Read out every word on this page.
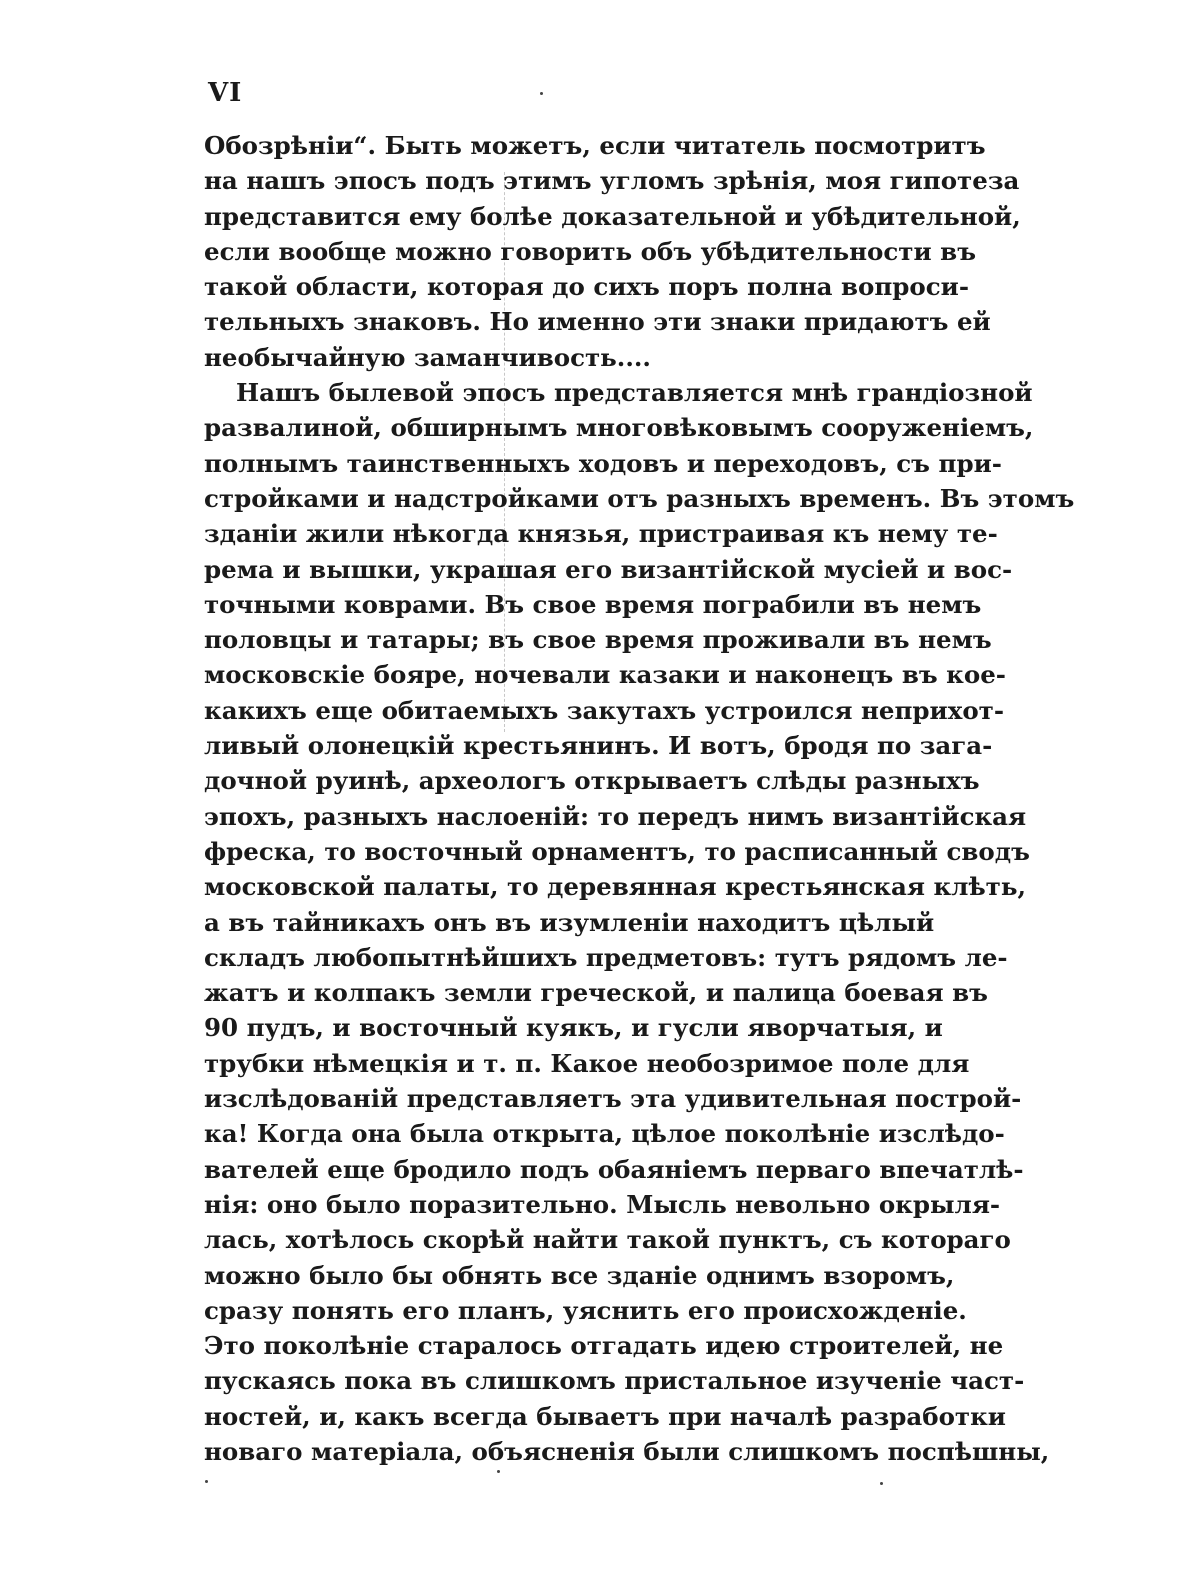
VI
Обозрѣніи“. Быть можетъ, если читатель посмотритъ
на нашъ эпосъ подъ этимъ угломъ зрѣнія, моя гипотеза
представится ему болѣе доказательной и убѣдительной,
если вообще можно говорить объ убѣдительности въ
такой области, которая до сихъ поръ полна вопроси-
тельныхъ знаковъ. Но именно эти знаки придаютъ ей
необычайную заманчивость....
Нашъ былевой эпосъ представляется мнѣ грандіозной
развалиной, обширнымъ многовѣковымъ сооруженіемъ,
полнымъ таинственныхъ ходовъ и переходовъ, съ при-
стройками и надстройками отъ разныхъ временъ. Въ этомъ
зданіи жили нѣкогда князья, пристраивая къ нему те-
рема и вышки, украшая его византійской мусіей и вос-
точными коврами. Въ свое время пограбили въ немъ
половцы и татары; въ свое время проживали въ немъ
московскіе бояре, ночевали казаки и наконецъ въ кое-
какихъ еще обитаемыхъ закутахъ устроился неприхот-
ливый олонецкій крестьянинъ. И вотъ, бродя по зага-
дочной руинѣ, археологъ открываетъ слѣды разныхъ
эпохъ, разныхъ наслоеній: то передъ нимъ византійская
фреска, то восточный орнаментъ, то расписанный сводъ
московской палаты, то деревянная крестьянская клѣть,
а въ тайникахъ онъ въ изумленіи находитъ цѣлый
складъ любопытнѣйшихъ предметовъ: тутъ рядомъ ле-
жатъ и колпакъ земли греческой, и палица боевая въ
90 пудъ, и восточный куякъ, и гусли яворчатыя, и
трубки нѣмецкія и т. п. Какое необозримое поле для
изслѣдованій представляетъ эта удивительная построй-
ка! Когда она была открыта, цѣлое поколѣніе изслѣдо-
вателей еще бродило подъ обаяніемъ перваго впечатлѣ-
нія: оно было поразительно. Мысль невольно окрыля-
лась, хотѣлось скорѣй найти такой пунктъ, съ котораго
можно было бы обнять все зданіе однимъ взоромъ,
сразу понять его планъ, уяснить его происхожденіе.
Это поколѣніе старалось отгадать идею строителей, не
пускаясь пока въ слишкомъ пристальное изученіе част-
ностей, и, какъ всегда бываетъ при началѣ разработки
новаго матеріала, объясненія были слишкомъ поспѣшны,
